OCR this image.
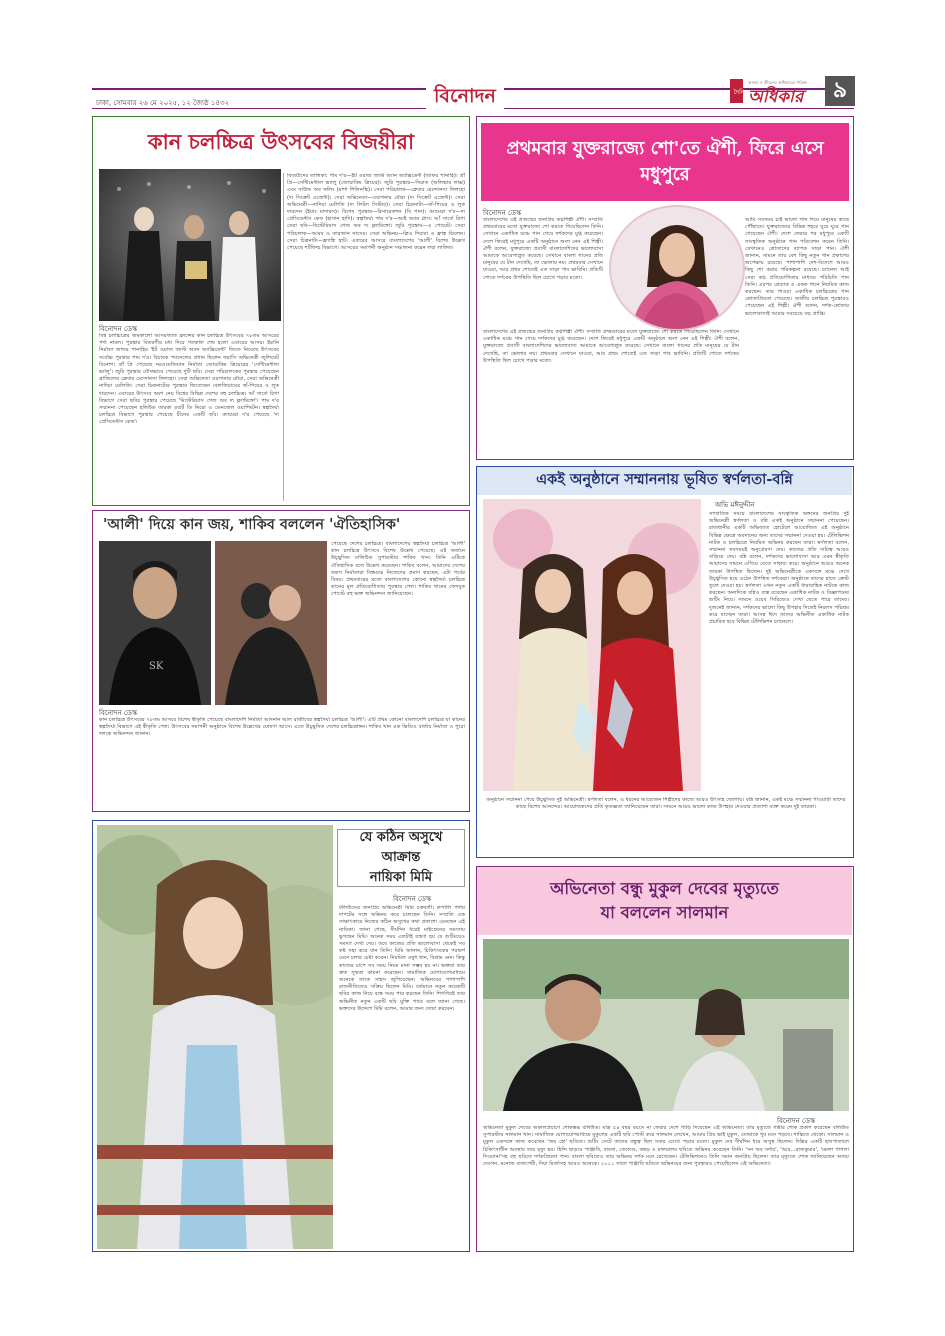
ঢাকা, সোমবার ২৬ মে ২০২৫, ১২ জ্যৈষ্ঠ ১৪৩২	বিনোদন	দৈনিক
আমার ও জীবনের অধিকারের পত্রিকা
অধিকার	৯
কান চলচ্চিত্র উৎসবের বিজয়ীরা
বিনোদন ডেস্ক
বিশ্ব চলচ্চিত্রের জমকালো আসরখ্যাত ফ্রান্সের কান চলচ্চিত্র উৎসবের ৭৮তম আসরের পর্দা নামল। পুরস্কার বিতরণীর মধ্য দিয়ে গতকাল শেষ হলো এবারের আসর। ইরানি নির্মাতা জাফর পানাহির 'ইট ওয়াজ জাস্ট অ্যান অ্যাক্সিডেন্ট' জিতে নিয়েছে উৎসবের সর্বোচ্চ পুরস্কার পাম দ'র। বিচারক প্যানেলের প্রধান ছিলেন ফরাসি অভিনেত্রী জুলিয়েট বিনোশ। গ্রাঁ প্রি পেয়েছে নরওয়েজিয়ান নির্মাতা জোয়াকিম ত্রিয়েরের 'সেন্টিমেন্টাল ভ্যালু'। জুরি পুরস্কার যৌথভাবে পেয়েছে দুটি ছবি। সেরা পরিচালকের পুরস্কার পেয়েছেন ব্রাজিলের ক্লেবার মেন্দোনসা ফিলহো। সেরা অভিনেতা ওয়াগনার মৌরা, সেরা অভিনেত্রী নাদিয়া মেলিতি। সেরা চিত্রনাট্যের পুরস্কার জিতেছেন বেলজিয়ামের জঁ-পিয়ের ও লুক দারদেন। এবারের উৎসবে অংশ নেয় বিশ্বের বিভিন্ন দেশের বহু চলচ্চিত্র। আঁ সার্তে রিগা বিভাগে সেরা ছবির পুরস্কার পেয়েছে 'মিস্টেরিয়াস গেজ অব দ্য ফ্ল্যামিঙ্গো'। পাম দ'র সম্মাননা পেয়েছেন হলিউড তারকা রবার্ট ডি নিরো ও ডেনজেল ওয়াশিংটন। স্বল্পদৈর্ঘ্য চলচ্চিত্র বিভাগে পুরস্কার পেয়েছে চীনের একটি ছবি। ক্যামেরা দ'র পেয়েছে 'দ্য প্রেসিডেন্টস কেক'।
বিজয়ীদের তালিকা: পাম দ'র—ইট ওয়াজ জাস্ট অ্যান অ্যাক্সিডেন্ট (জাফর পানাহি)। গ্রাঁ প্রি—সেন্টিমেন্টাল ভ্যালু (জোয়াকিম ত্রিয়ের)। জুরি পুরস্কার—সিরাত (অলিভার লাক্স) এবং সাউন্ড অব ফলিং (মাশা শিলিনস্কি)। সেরা পরিচালক—ক্লেবার মেন্দোনসা ফিলহো (দ্য সিক্রেট এজেন্ট)। সেরা অভিনেতা—ওয়াগনার মৌরা (দ্য সিক্রেট এজেন্ট)। সেরা অভিনেত্রী—নাদিয়া মেলিতি (দ্য লিটল সিস্টার)। সেরা চিত্রনাট্য—জঁ-পিয়ের ও লুক দারদেন (ইয়াং মাদারস)। বিশেষ পুরস্কার—রিসারেকশন (বি গান)। ক্যামেরা দ'র—দ্য প্রেসিডেন্টস কেক (হাসান হাদি)। স্বল্পদৈর্ঘ্য পাম দ'র—আই অ্যাম গ্লাস। আঁ সার্তে রিগা সেরা ছবি—মিস্টেরিয়াস গেজ অব দ্য ফ্ল্যামিঙ্গো। জুরি পুরস্কার—এ পোয়েট। সেরা পরিচালক—আরব ও তারজান নাসের। সেরা অভিনয়—ক্লিও দিয়ারা ও ফ্রাঙ্ক ডিলেন। সেরা চিত্রনাট্য—ফ্র্যাঙ্কি হাট। এবারের আসরে বাংলাদেশের 'আলী' বিশেষ উল্লেখ পেয়েছে শর্টফিল্ম বিভাগে। আসরের সমাপনী অনুষ্ঠান সঞ্চালনা করেন লরা লাফিত।
প্রথমবার যুক্তরাজ্যে শো'তে ঐশী, ফিরে এসে মধুপুরে
বিনোদন ডেস্ক
বাংলাদেশের এই প্রজন্মের জনপ্রিয় কণ্ঠশিল্পী ঐশী। সম্প্রতি প্রথমবারের মতো যুক্তরাজ্যে শো করতে গিয়েছিলেন তিনি। সেখানে একাধিক মঞ্চে গান গেয়ে দর্শকদের মুগ্ধ করেছেন। দেশে ফিরেই মধুপুরে একটি অনুষ্ঠানে অংশ নেন এই শিল্পী। ঐশী বলেন, যুক্তরাজ্যে প্রবাসী বাংলাদেশিদের ভালোবাসা আমাকে আবেগাপ্লুত করেছে। সেখানে বাংলা গানের প্রতি মানুষের যে টান দেখেছি, তা ভোলার নয়। প্রথমবার সেখানে যাওয়া, আর প্রথম শোতেই এত সাড়া পাব ভাবিনি। প্রতিটি শোতে দর্শকের উপস্থিতি ছিল চোখে পড়ার মতো।
আমি সবসময় চাই ভালো গান দিয়ে মানুষের কাছে পৌঁছাতে। যুক্তরাজ্যের বিভিন্ন শহরে ঘুরে ঘুরে গান গেয়েছেন ঐশী। দেশে ফেরার পর মধুপুরে একটি সাংস্কৃতিক অনুষ্ঠানে গান পরিবেশন করেন তিনি। সেখানেও শ্রোতাদের ব্যাপক সাড়া পান। ঐশী জানান, সামনে তার বেশ কিছু নতুন গান প্রকাশের অপেক্ষায় রয়েছে। পাশাপাশি দেশ-বিদেশে আরও কিছু শো করার পরিকল্পনা রয়েছে। চ্যানেল আই সেরা কণ্ঠ প্রতিযোগিতার মাধ্যমে পরিচিতি পান তিনি। এরপর প্লেব্যাক ও একক গানে নিয়মিত কাজ করছেন। তার গাওয়া একাধিক চলচ্চিত্রের গান শ্রোতাপ্রিয়তা পেয়েছে। জাতীয় চলচ্চিত্র পুরস্কারও পেয়েছেন এই শিল্পী। ঐশী বলেন, দর্শক-শ্রোতার ভালোবাসাই আমার সবচেয়ে বড় প্রাপ্তি।
বাংলাদেশের এই প্রজন্মের জনপ্রিয় কণ্ঠশিল্পী ঐশী। সম্প্রতি প্রথমবারের মতো যুক্তরাজ্যে শো করতে গিয়েছিলেন তিনি। সেখানে একাধিক মঞ্চে গান গেয়ে দর্শকদের মুগ্ধ করেছেন। দেশে ফিরেই মধুপুরে একটি অনুষ্ঠানে অংশ নেন এই শিল্পী। ঐশী বলেন, যুক্তরাজ্যে প্রবাসী বাংলাদেশিদের ভালোবাসা আমাকে আবেগাপ্লুত করেছে। সেখানে বাংলা গানের প্রতি মানুষের যে টান দেখেছি, তা ভোলার নয়। প্রথমবার সেখানে যাওয়া, আর প্রথম শোতেই এত সাড়া পাব ভাবিনি। প্রতিটি শোতে দর্শকের উপস্থিতি ছিল চোখে পড়ার মতো।
একই অনুষ্ঠানে সম্মাননায় ভূষিত স্বর্ণলতা-বন্নি
অভি মঈনুদ্দীন
সাম্প্রতিক সময়ে বাংলাদেশের সাংস্কৃতিক অঙ্গনের জনপ্রিয় দুই অভিনেত্রী স্বর্ণলতা ও বন্নি একই অনুষ্ঠানে সম্মাননা পেয়েছেন। রাজধানীর একটি অভিজাত হোটেলে আয়োজিত এই অনুষ্ঠানে বিভিন্ন ক্ষেত্রে অবদানের জন্য তাদের সম্মাননা দেওয়া হয়। টেলিভিশন নাটক ও চলচ্চিত্রে নিয়মিত অভিনয় করছেন তারা। স্বর্ণলতা বলেন, সম্মাননা সবসময়ই অনুপ্রেরণা দেয়। কাজের প্রতি দায়িত্ব আরও বাড়িয়ে দেয়। বন্নি বলেন, দর্শকদের ভালোবাসা আর এমন স্বীকৃতি আমাদের সামনে এগিয়ে যেতে সাহায্য করে। অনুষ্ঠানে আরও অনেক তারকা উপস্থিত ছিলেন। দুই অভিনেত্রীকে একসঙ্গে মঞ্চে দেখে উচ্ছ্বসিত হয়ে ওঠেন উপস্থিত দর্শকেরা। অনুষ্ঠানে তাদের হাতে ক্রেস্ট তুলে দেওয়া হয়। স্বর্ণলতা এখন নতুন একটি ধারাবাহিক নাটকে কাজ করছেন। অন্যদিকে বন্নিও ব্যস্ত রয়েছেন একাধিক নাটক ও বিজ্ঞাপনের শুটিং নিয়ে। সামনে ওয়েব সিরিজেও দেখা যেতে পারে তাদের। দুজনেই জানান, দর্শকদের ভালো কিছু উপহার দিতেই নিরলস পরিশ্রম করে যাচ্ছেন তারা। আসন্ন ঈদে তাদের অভিনীত একাধিক নাটক প্রচারিত হবে বিভিন্ন টেলিভিশন চ্যানেলে।
অনুষ্ঠানে সম্মাননা পেয়ে উচ্ছ্বসিত দুই অভিনেত্রী। স্বর্ণলতা বলেন, এ ধরনের আয়োজন শিল্পীদের কাজে আরও উৎসাহ জোগায়। বন্নি জানান, একই মঞ্চে সম্মাননা পাওয়াটা তাদের কাছে বিশেষ আনন্দের। আয়োজকদের প্রতি কৃতজ্ঞতা জানিয়েছেন তারা। সামনে আরও ভালো কাজ উপহার দেওয়ার প্রত্যাশা ব্যক্ত করেন দুই তারকা।
'আলী' দিয়ে কান জয়, শাকিব বললেন 'ঐতিহাসিক'
SK
পেয়েছে দেশের চলচ্চিত্র। বাংলাদেশের স্বল্পদৈর্ঘ্য চলচ্চিত্র 'আলী' কান চলচ্চিত্র উৎসবে বিশেষ উল্লেখ পেয়েছে। এই অর্জনে উচ্ছ্বসিত ঢালিউড সুপারস্টার শাকিব খান। তিনি এটিকে ঐতিহাসিক বলে উল্লেখ করেছেন। শাকিব বলেন, আমাদের দেশের তরুণ নির্মাতারা বিশ্বমঞ্চে নিজেদের প্রমাণ করছেন, এটা গর্বের বিষয়। প্রথমবারের মতো বাংলাদেশের কোনো স্বল্পদৈর্ঘ্য চলচ্চিত্র কানের মূল প্রতিযোগিতায় পুরস্কার পেল। শাকিব খানের ফেসবুক পোস্টে বহু ভক্ত অভিনন্দন জানিয়েছেন।
বিনোদন ডেস্ক
কান চলচ্চিত্র উৎসবের ৭৮তম আসরে বিশেষ স্বীকৃতি পেয়েছে বাংলাদেশি নির্মাতা আদনান আল রাজীবের স্বল্পদৈর্ঘ্য চলচ্চিত্র 'আলী'। এটি প্রথম কোনো বাংলাদেশি চলচ্চিত্র যা কানের স্বল্পদৈর্ঘ্য বিভাগে এই স্বীকৃতি পেল। উৎসবের সমাপনী অনুষ্ঠানে বিশেষ উল্লেখের ঘোষণা আসে। এতে উচ্ছ্বসিত দেশের চলচ্চিত্রাঙ্গন। শাকিব খান এক ভিডিও বার্তায় নির্মাতা ও পুরো দলকে অভিনন্দন জানান।
যে কঠিন অসুখে আক্রান্ত
নায়িকা মিমি
বিনোদন ডেস্ক
টলিউডের জনপ্রিয় অভিনেত্রী মিমি চক্রবর্তী। রুপালি পর্দায় দাপটের সঙ্গে অভিনয় করে চলেছেন তিনি। সম্প্রতি এক সাক্ষাৎকারে নিজের কঠিন অসুখের কথা প্রকাশ্যে এনেছেন এই নায়িকা। জানা গেছে, দীর্ঘদিন ধরেই মাইগ্রেনের সমস্যায় ভুগছেন মিমি। অনেক সময় এতটাই যন্ত্রণা হয় যে শুটিংয়েও সমস্যা দেখা দেয়। তবে কাজের প্রতি ভালোবাসা থেকেই সব কষ্ট সহ্য করে যান তিনি। মিমি জানান, চিকিৎসকের পরামর্শ মেনে চলার চেষ্টা করেন। নিয়মিত ওষুধ খান, বিশ্রাম নেন। কিন্তু কাজের চাপে সব সময় নিয়ম মানা সম্ভব হয় না। ভক্তরা তার দ্রুত সুস্থতা কামনা করেছেন। সামাজিক যোগাযোগমাধ্যমে অনেকে তাকে সাহস জুগিয়েছেন। অভিনয়ের পাশাপাশি রাজনীতিতেও সক্রিয় ছিলেন মিমি। বর্তমানে নতুন কয়েকটি ছবির কাজ নিয়ে ব্যস্ত সময় পার করছেন তিনি। শিগগিরই তার অভিনীত নতুন একটি ছবি মুক্তি পাবে বলে জানা গেছে। ভক্তদের উদ্দেশে মিমি বলেন, আমার জন্য দোয়া করবেন।
অভিনেতা বন্ধু মুকুল দেবের মৃত্যুতে
যা বললেন সালমান
বিনোদন ডেস্ক
অভিনেতা মুকুল দেবের অকালপ্রয়াণে শোকস্তব্ধ বলিউড। মাত্র ৫৪ বছর বয়সে না ফেরার দেশে পাড়ি দিয়েছেন এই অভিনেতা। তার মৃত্যুতে গভীর শোক প্রকাশ করেছেন বলিউড সুপারস্টার সালমান খান। সামাজিক যোগাযোগমাধ্যমে মুকুলের একটি ছবি পোস্ট করে সালমান লেখেন, আমার প্রিয় ভাই মুকুল, তোমাকে খুব মনে পড়বে। শান্তিতে থেকো। সালমান ও মুকুল একসঙ্গে কাজ করেছেন 'জয় হো' ছবিতে। শুটিং সেটে তাদের বন্ধুত্ব ছিল সবার চোখে পড়ার মতো। মুকুল দেব দীর্ঘদিন ধরে অসুস্থ ছিলেন। দিল্লির একটি হাসপাতালে চিকিৎসাধীন অবস্থায় তার মৃত্যু হয়। হিন্দি ছাড়াও পাঞ্জাবি, বাংলা, তেলেগু, কন্নড় ও মালয়ালম ছবিতে অভিনয় করেছেন তিনি। 'সন অব সর্দার', 'আর...রাজকুমার', 'যমলা পাগলা দিওয়ানা'সহ বহু ছবিতে দর্শকপ্রিয়তা পান। বাংলা ছবিতেও তার অভিনয় দর্শক মনে রেখেছেন। টেলিভিশনেও তিনি সমান জনপ্রিয় ছিলেন। তার মৃত্যুতে শোক জানিয়েছেন অজয় দেবগন, মনোজ বাজপেয়ী, দিয়া মির্জাসহ আরও অনেকে। ২০১১ সালে পাঞ্জাবি ছবিতে অভিনয়ের জন্য পুরস্কারও পেয়েছিলেন এই অভিনেতা।
